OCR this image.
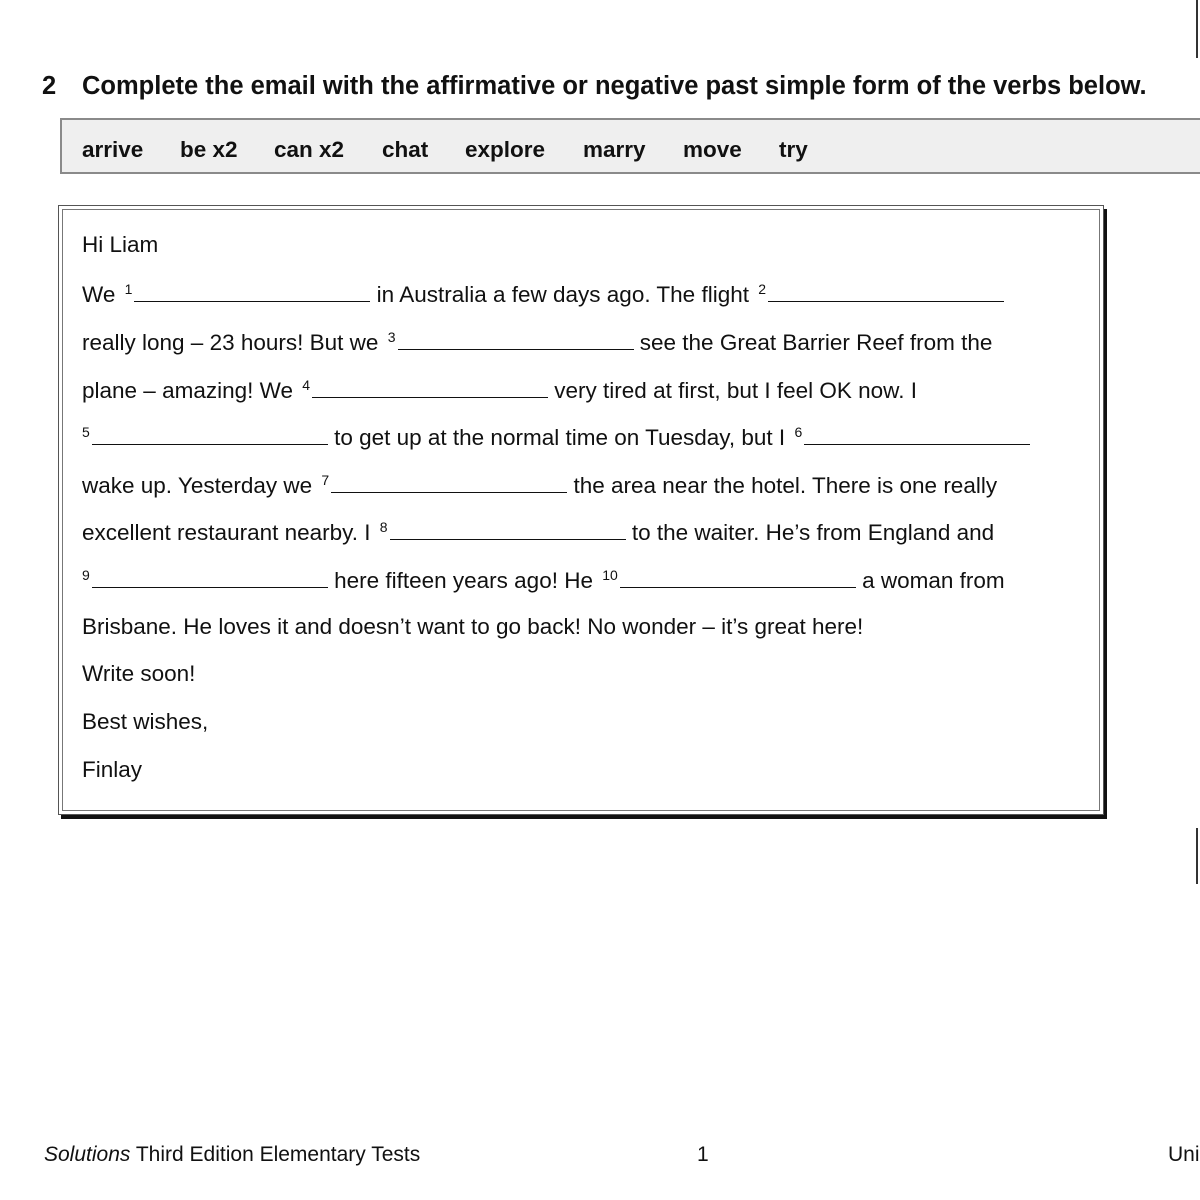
2 Complete the email with the affirmative or negative past simple form of the verbs below.
arrive be x2 can x2 chat explore marry move try
Hi Liam
We $^1$	in Australia a few days ago. The flight $^2$
really long – 23 hours! But we $^3$	see the Great Barrier Reef from the
plane – amazing! We $^4$	very tired at first, but I feel OK now. I
$^5$	to get up at the normal time on Tuesday, but I $^6$
wake up. Yesterday we $^7$	the area near the hotel. There is one really
excellent restaurant nearby. I $^8$	to the waiter. He’s from England and
$^9$	here fifteen years ago! He $^{10}$	a woman from
Brisbane. He loves it and doesn’t want to go back! No wonder – it’s great here!
Write soon!
Best wishes,
Finlay
Solutions Third Edition Elementary Tests	1	Uni
